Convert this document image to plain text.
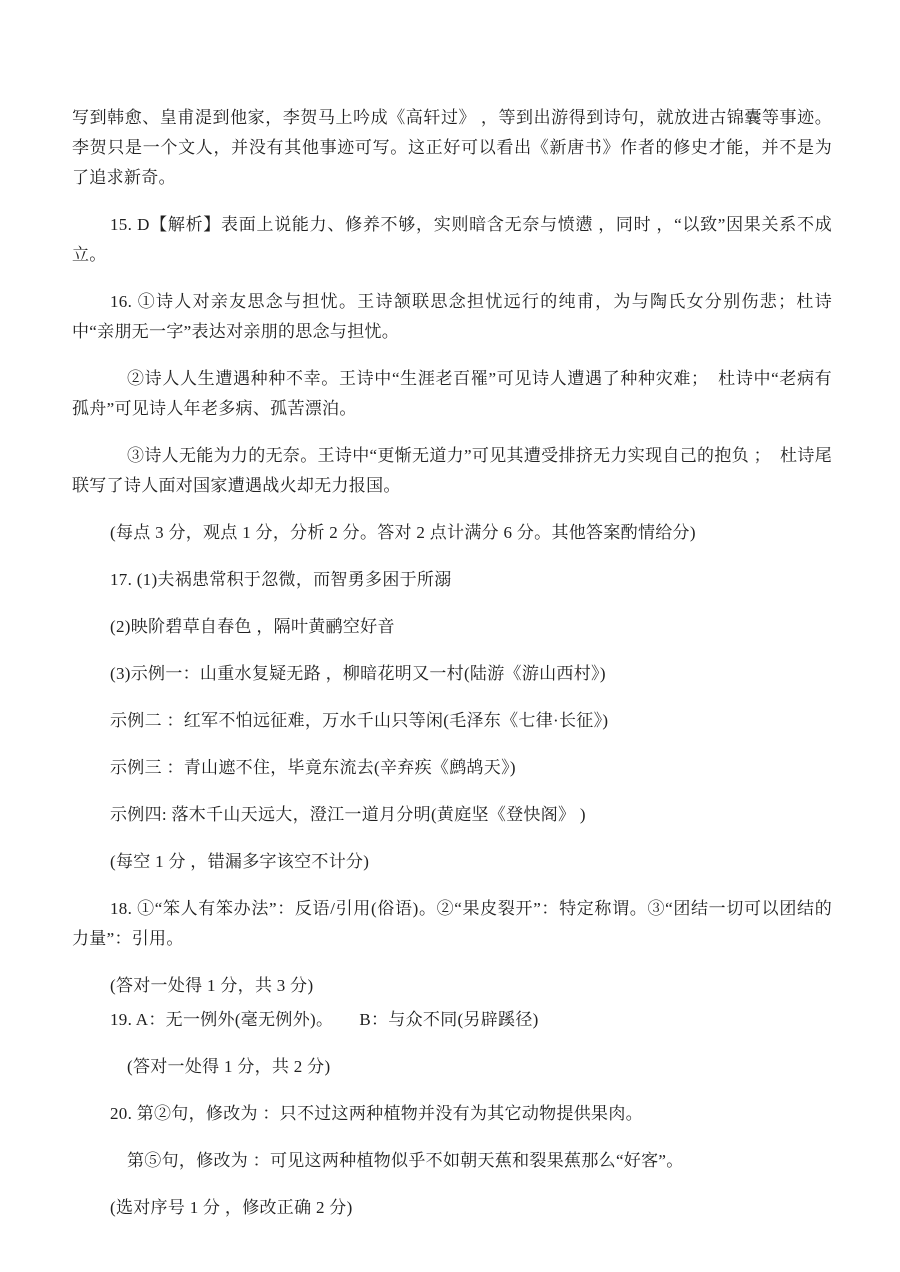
写到韩愈、皇甫湜到他家，李贺马上吟成《高轩过》 ，等到出游得到诗句，就放进古锦囊等事迹。李贺只是一个文人，并没有其他事迹可写。这正好可以看出《新唐书》作者的修史才能，并不是为了追求新奇。

15. D【解析】表面上说能力、修养不够，实则暗含无奈与愤懑 ，同时 ，“以致”因果关系不成立。

16. ①诗人对亲友思念与担忧。王诗颔联思念担忧远行的纯甫，为与陶氏女分别伤悲；杜诗中“亲朋无一字”表达对亲朋的思念与担忧。

②诗人人生遭遇种种不幸。王诗中“生涯老百罹”可见诗人遭遇了种种灾难；  杜诗中“老病有孤舟”可见诗人年老多病、孤苦漂泊。

③诗人无能为力的无奈。王诗中“更惭无道力”可见其遭受排挤无力实现自己的抱负 ；  杜诗尾联写了诗人面对国家遭遇战火却无力报国。

(每点 3 分，观点 1 分，分析 2 分。答对 2 点计满分 6 分。其他答案酌情给分)

17. (1)夫祸患常积于忽微，而智勇多困于所溺

(2)映阶碧草自春色 ，隔叶黄鹂空好音

(3)示例一：山重水复疑无路 ，柳暗花明又一村(陆游《游山西村》)

示例二 ：红军不怕远征难，万水千山只等闲(毛泽东《七律·长征》)

示例三 ：青山遮不住，毕竟东流去(辛弃疾《鹧鸪天》)

示例四: 落木千山天远大，澄江一道月分明(黄庭坚《登快阁》 )

(每空 1 分 ，错漏多字该空不计分)

18. ①“笨人有笨办法”：反语/引用(俗语)。②“果皮裂开”：特定称谓。③“团结一切可以团结的力量”：引用。

(答对一处得 1 分，共 3 分)

19. A：无一例外(毫无例外)。　　B：与众不同(另辟蹊径)

(答对一处得 1 分，共 2 分)

20. 第②句，修改为 ：只不过这两种植物并没有为其它动物提供果肉。

第⑤句，修改为 ：可见这两种植物似乎不如朝天蕉和裂果蕉那么“好客”。

(选对序号 1 分 ，修改正确 2 分)
